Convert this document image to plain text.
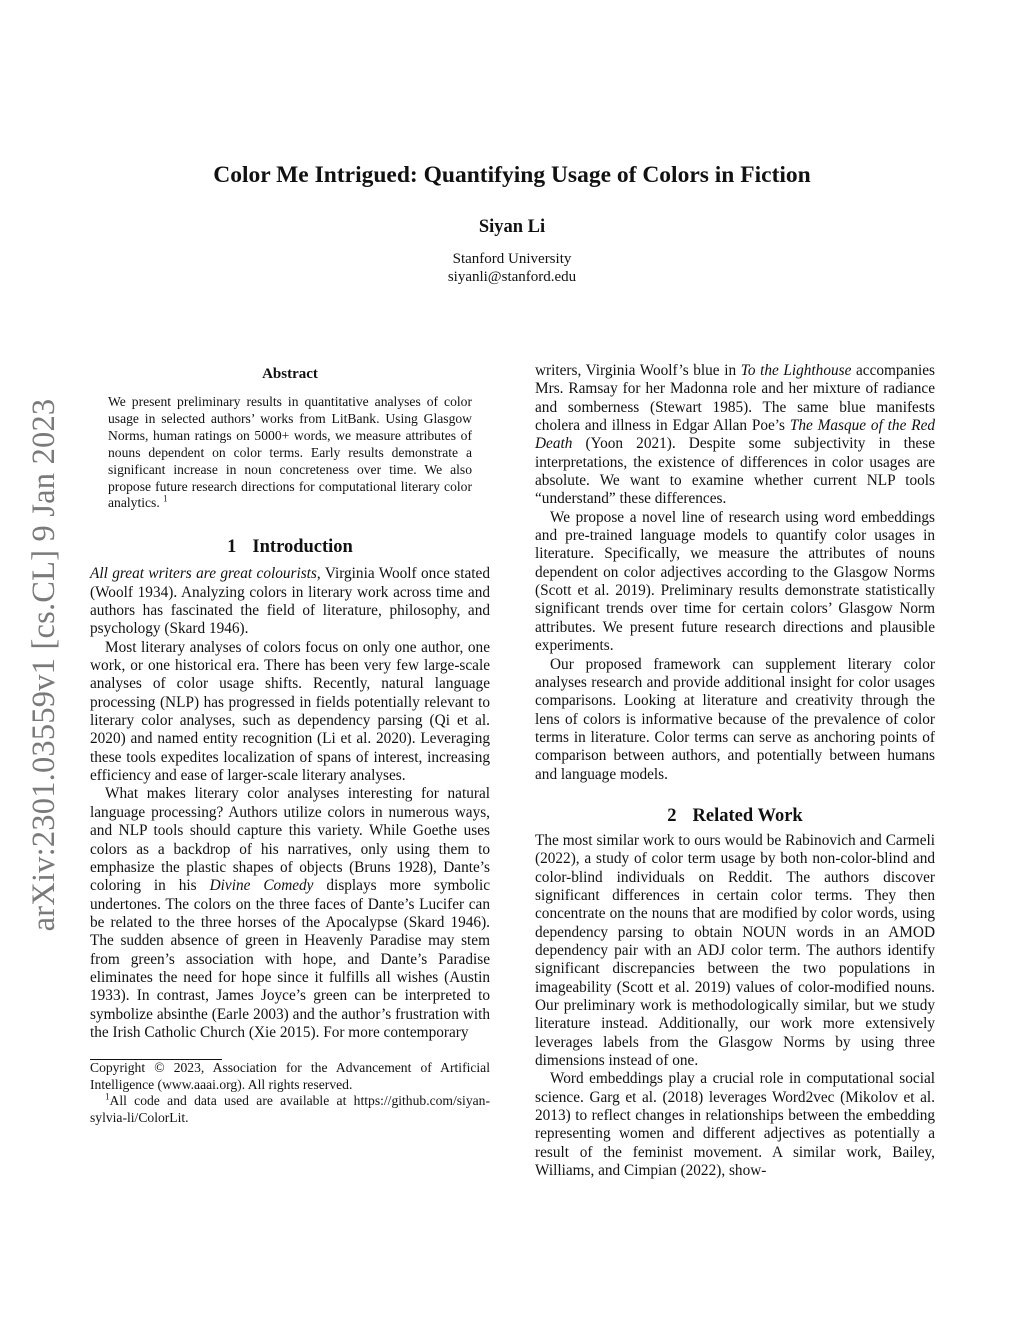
arXiv:2301.03559v1 [cs.CL] 9 Jan 2023
Color Me Intrigued: Quantifying Usage of Colors in Fiction
Siyan Li
Stanford University
siyanli@stanford.edu
Abstract

We present preliminary results in quantitative analyses of color usage in selected authors’ works from LitBank. Using Glasgow Norms, human ratings on 5000+ words, we measure attributes of nouns dependent on color terms. Early results demonstrate a significant increase in noun concreteness over time. We also propose future research directions for computational literary color analytics. $^1$

1 Introduction

All great writers are great colourists, Virginia Woolf once stated (Woolf 1934). Analyzing colors in literary work across time and authors has fascinated the field of literature, philosophy, and psychology (Skard 1946).

Most literary analyses of colors focus on only one author, one work, or one historical era. There has been very few large-scale analyses of color usage shifts. Recently, natural language processing (NLP) has progressed in fields potentially relevant to literary color analyses, such as dependency parsing (Qi et al. 2020) and named entity recognition (Li et al. 2020). Leveraging these tools expedites localization of spans of interest, increasing efficiency and ease of larger-scale literary analyses.

What makes literary color analyses interesting for natural language processing? Authors utilize colors in numerous ways, and NLP tools should capture this variety. While Goethe uses colors as a backdrop of his narratives, only using them to emphasize the plastic shapes of objects (Bruns 1928), Dante’s coloring in his Divine Comedy displays more symbolic undertones. The colors on the three faces of Dante’s Lucifer can be related to the three horses of the Apocalypse (Skard 1946). The sudden absence of green in Heavenly Paradise may stem from green’s association with hope, and Dante’s Paradise eliminates the need for hope since it fulfills all wishes (Austin 1933). In contrast, James Joyce’s green can be interpreted to symbolize absinthe (Earle 2003) and the author’s frustration with the Irish Catholic Church (Xie 2015). For more contemporary

Copyright © 2023, Association for the Advancement of Artificial Intelligence (www.aaai.org). All rights reserved.

$^1$All code and data used are available at https://github.com/siyan-sylvia-li/ColorLit.

writers, Virginia Woolf’s blue in To the Lighthouse accompanies Mrs. Ramsay for her Madonna role and her mixture of radiance and somberness (Stewart 1985). The same blue manifests cholera and illness in Edgar Allan Poe’s The Masque of the Red Death (Yoon 2021). Despite some subjectivity in these interpretations, the existence of differences in color usages are absolute. We want to examine whether current NLP tools “understand” these differences.

We propose a novel line of research using word embeddings and pre-trained language models to quantify color usages in literature. Specifically, we measure the attributes of nouns dependent on color adjectives according to the Glasgow Norms (Scott et al. 2019). Preliminary results demonstrate statistically significant trends over time for certain colors’ Glasgow Norm attributes. We present future research directions and plausible experiments.

Our proposed framework can supplement literary color analyses research and provide additional insight for color usages comparisons. Looking at literature and creativity through the lens of colors is informative because of the prevalence of color terms in literature. Color terms can serve as anchoring points of comparison between authors, and potentially between humans and language models.

2 Related Work

The most similar work to ours would be Rabinovich and Carmeli (2022), a study of color term usage by both non-color-blind and color-blind individuals on Reddit. The authors discover significant differences in certain color terms. They then concentrate on the nouns that are modified by color words, using dependency parsing to obtain NOUN words in an AMOD dependency pair with an ADJ color term. The authors identify significant discrepancies between the two populations in imageability (Scott et al. 2019) values of color-modified nouns. Our preliminary work is methodologically similar, but we study literature instead. Additionally, our work more extensively leverages labels from the Glasgow Norms by using three dimensions instead of one.

Word embeddings play a crucial role in computational social science. Garg et al. (2018) leverages Word2vec (Mikolov et al. 2013) to reflect changes in relationships between the embedding representing women and different adjectives as potentially a result of the feminist movement. A similar work, Bailey, Williams, and Cimpian (2022), show-
